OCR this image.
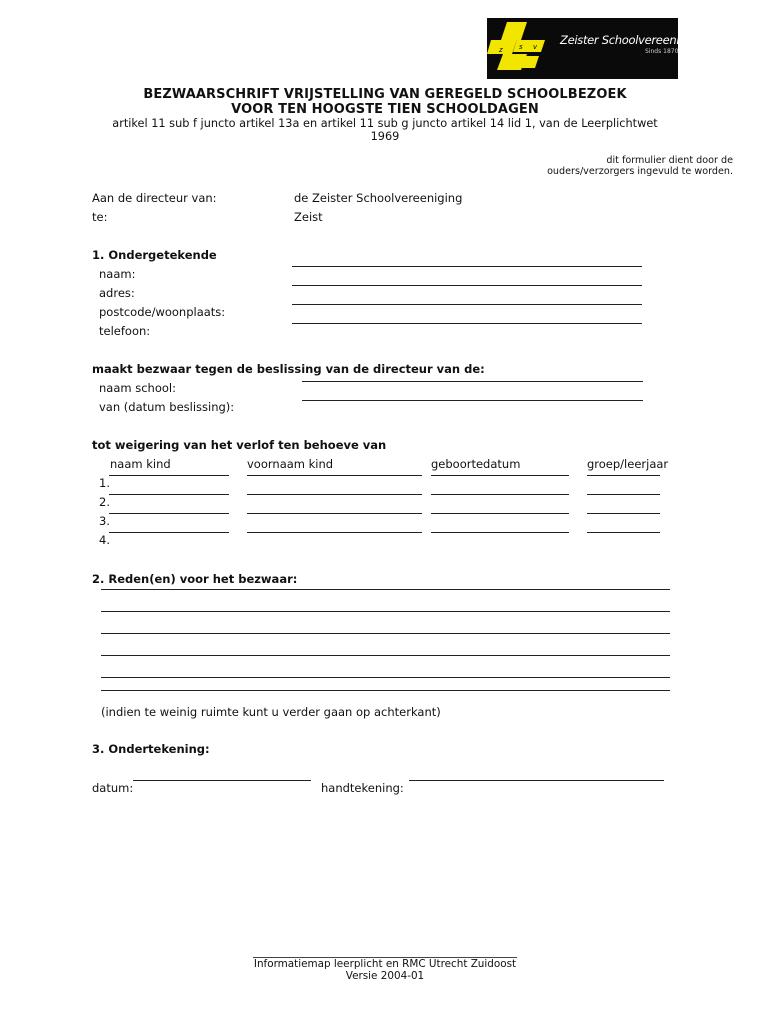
z s v Zeister Schoolvereeniging
Sinds 1870
BEZWAARSCHRIFT VRIJSTELLING VAN GEREGELD SCHOOLBEZOEK
VOOR TEN HOOGSTE TIEN SCHOOLDAGEN
artikel 11 sub f juncto artikel 13a en artikel 11 sub g juncto artikel 14 lid 1, van de Leerplichtwet
1969
dit formulier dient door de
ouders/verzorgers ingevuld te worden.
Aan de directeur van:	de Zeister Schoolvereeniging
te:	Zeist
1. Ondergetekende
naam:
adres:
postcode/woonplaats:
telefoon:
maakt bezwaar tegen de beslissing van de directeur van de:
naam school:
van (datum beslissing):
tot weigering van het verlof ten behoeve van
naam kind	voornaam kind	geboortedatum	groep/leerjaar
1.
2.
3.
4.
2. Reden(en) voor het bezwaar:
(indien te weinig ruimte kunt u verder gaan op achterkant)
3. Ondertekening:
datum:	handtekening:
Informatiemap leerplicht en RMC Utrecht Zuidoost
Versie 2004-01
